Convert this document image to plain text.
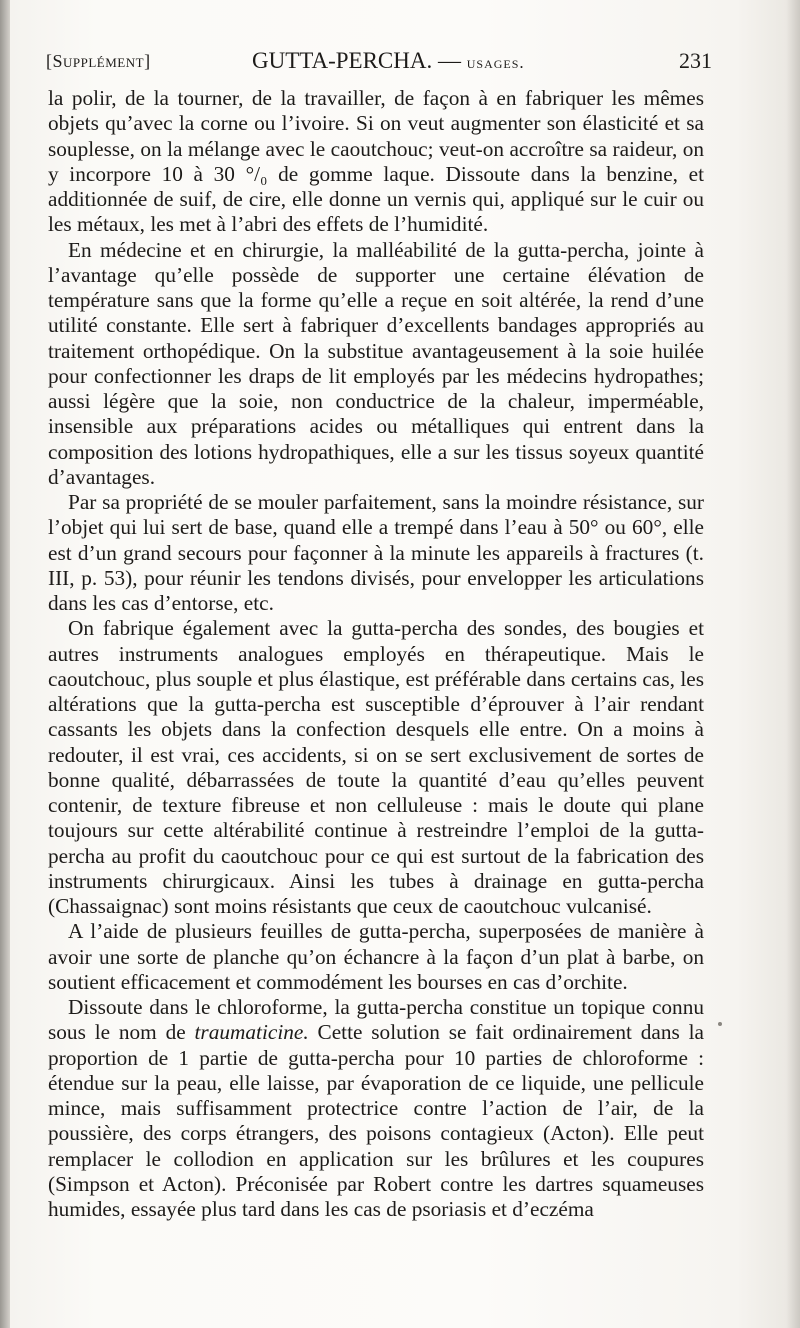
[Supplément]	GUTTA-PERCHA. — usages.	231

la polir, de la tourner, de la travailler, de façon à en fabriquer les mêmes objets qu’avec la corne ou l’ivoire. Si on veut augmenter son élasticité et sa souplesse, on la mélange avec le caoutchouc; veut-on accroître sa raideur, on y incorpore 10 à 30 °/₀ de gomme laque. Dissoute dans la benzine, et additionnée de suif, de cire, elle donne un vernis qui, appliqué sur le cuir ou les métaux, les met à l’abri des effets de l’humidité.

En médecine et en chirurgie, la malléabilité de la gutta-percha, jointe à l’avantage qu’elle possède de supporter une certaine élévation de température sans que la forme qu’elle a reçue en soit altérée, la rend d’une utilité constante. Elle sert à fabriquer d’excellents bandages appropriés au traitement orthopédique. On la substitue avantageusement à la soie huilée pour confectionner les draps de lit employés par les médecins hydropathes; aussi légère que la soie, non conductrice de la chaleur, imperméable, insensible aux préparations acides ou métalliques qui entrent dans la composition des lotions hydropathiques, elle a sur les tissus soyeux quantité d’avantages.

Par sa propriété de se mouler parfaitement, sans la moindre résistance, sur l’objet qui lui sert de base, quand elle a trempé dans l’eau à 50° ou 60°, elle est d’un grand secours pour façonner à la minute les appareils à fractures (t. III, p. 53), pour réunir les tendons divisés, pour envelopper les articulations dans les cas d’entorse, etc.

On fabrique également avec la gutta-percha des sondes, des bougies et autres instruments analogues employés en thérapeutique. Mais le caoutchouc, plus souple et plus élastique, est préférable dans certains cas, les altérations que la gutta-percha est susceptible d’éprouver à l’air rendant cassants les objets dans la confection desquels elle entre. On a moins à redouter, il est vrai, ces accidents, si on se sert exclusivement de sortes de bonne qualité, débarrassées de toute la quantité d’eau qu’elles peuvent contenir, de texture fibreuse et non celluleuse : mais le doute qui plane toujours sur cette altérabilité continue à restreindre l’emploi de la gutta-percha au profit du caoutchouc pour ce qui est surtout de la fabrication des instruments chirurgicaux. Ainsi les tubes à drainage en gutta-percha (Chassaignac) sont moins résistants que ceux de caoutchouc vulcanisé.

A l’aide de plusieurs feuilles de gutta-percha, superposées de manière à avoir une sorte de planche qu’on échancre à la façon d’un plat à barbe, on soutient efficacement et commodément les bourses en cas d’orchite.

Dissoute dans le chloroforme, la gutta-percha constitue un topique connu sous le nom de traumaticine. Cette solution se fait ordinairement dans la proportion de 1 partie de gutta-percha pour 10 parties de chloroforme : étendue sur la peau, elle laisse, par évaporation de ce liquide, une pellicule mince, mais suffisamment protectrice contre l’action de l’air, de la poussière, des corps étrangers, des poisons contagieux (Acton). Elle peut remplacer le collodion en application sur les brûlures et les coupures (Simpson et Acton). Préconisée par Robert contre les dartres squameuses humides, essayée plus tard dans les cas de psoriasis et d’eczéma
